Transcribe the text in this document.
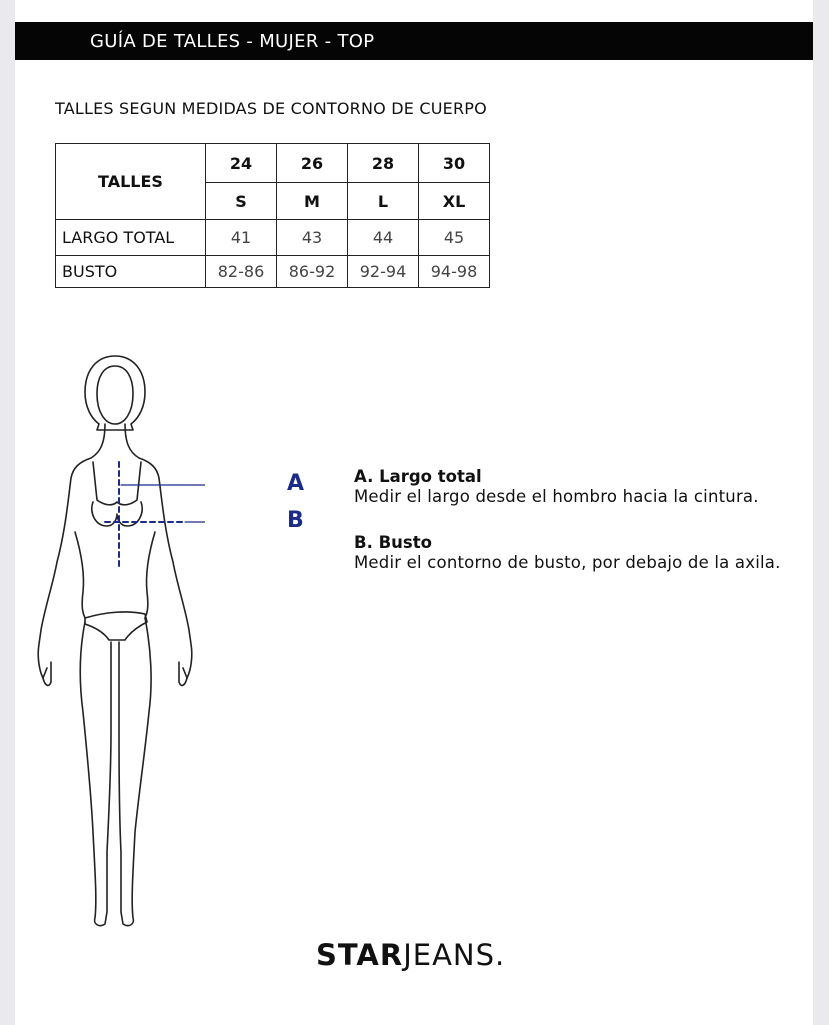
GUÍA DE TALLES - MUJER - TOP
TALLES SEGUN MEDIDAS DE CONTORNO DE CUERPO
TALLES	24	26	28	30
	S	M	L	XL
LARGO TOTAL	41	43	44	45
BUSTO	82-86	86-92	92-94	94-98
A
B
A. Largo total
Medir el largo desde el hombro hacia la cintura.
B. Busto
Medir el contorno de busto, por debajo de la axila.
STARJEANS.
